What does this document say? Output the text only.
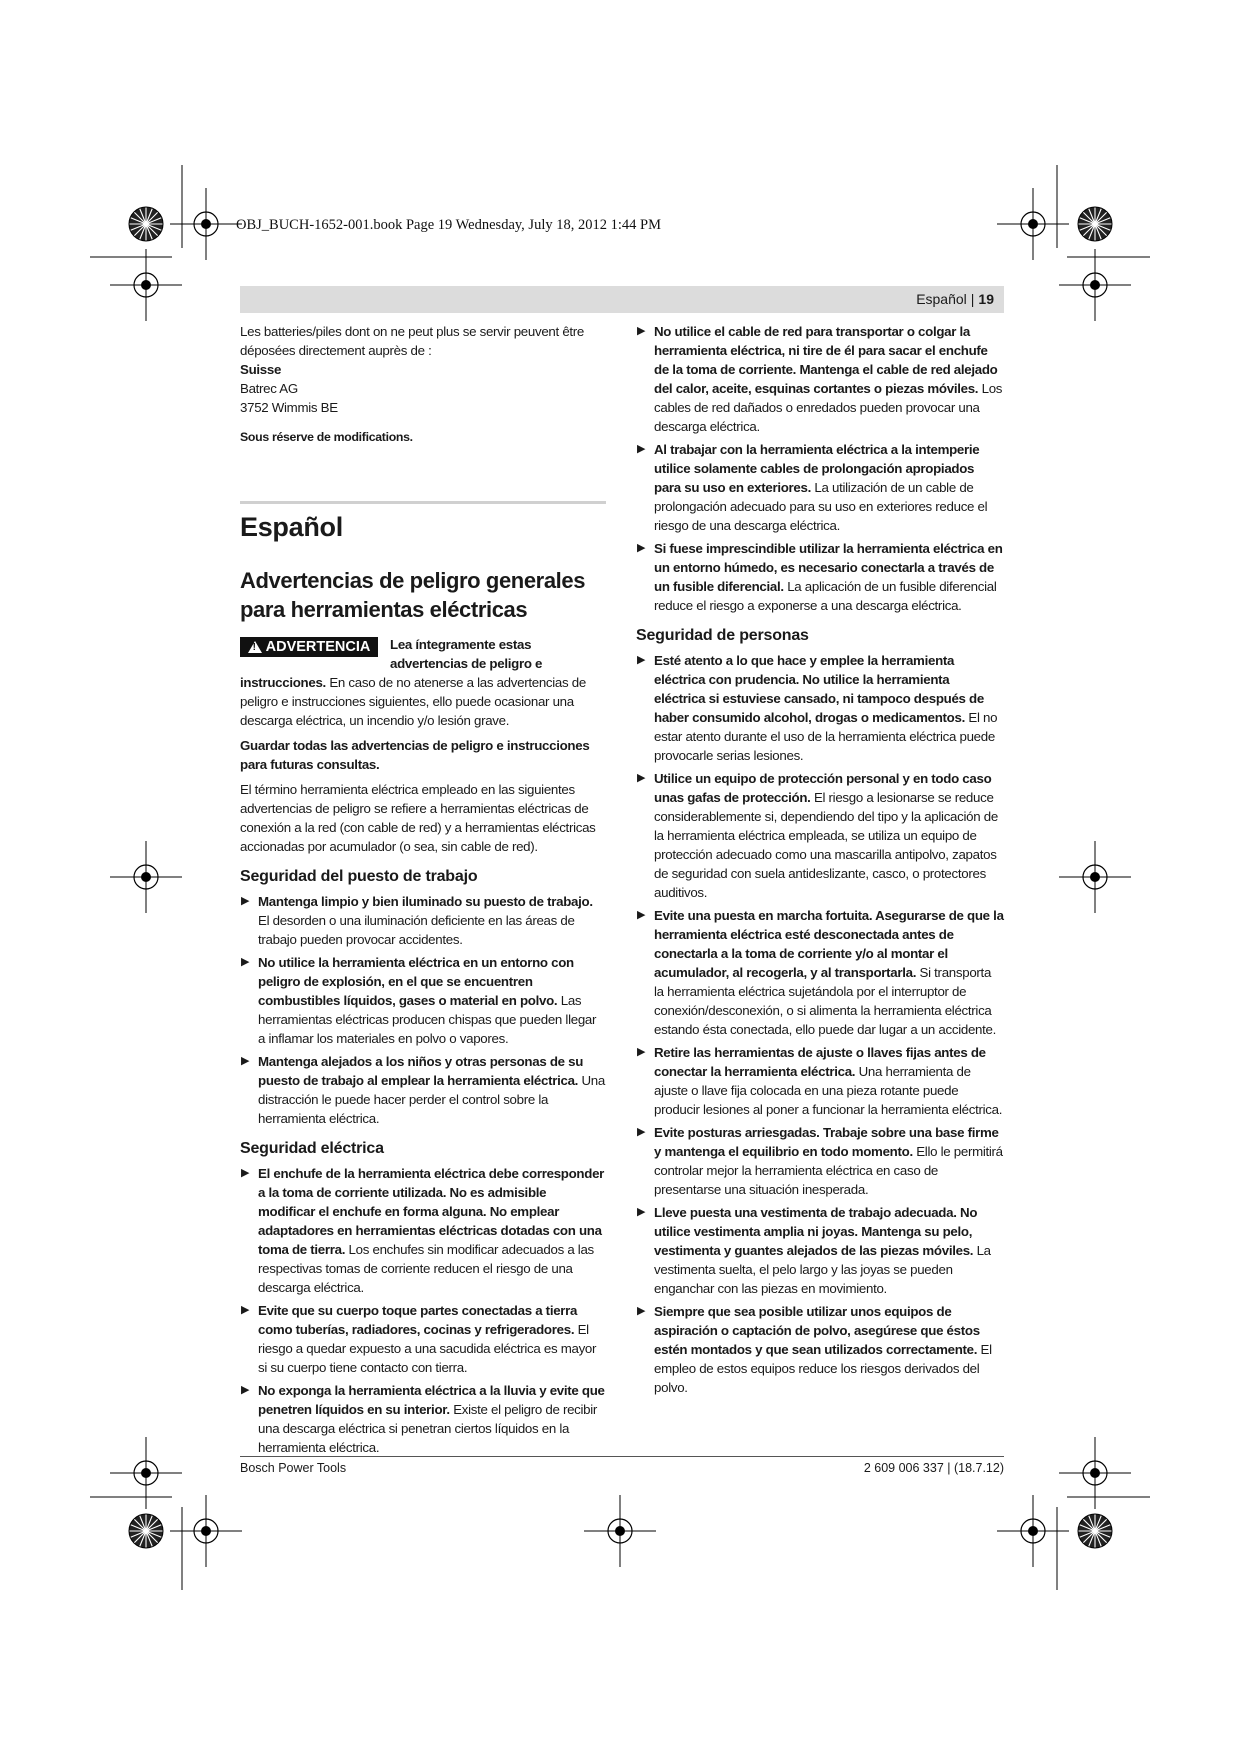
OBJ_BUCH-1652-001.book Page 19 Wednesday, July 18, 2012 1:44 PM
Español | 19

Les batteries/piles dont on ne peut plus se servir peuvent être déposées directement auprès de :

Suisse

Batrec AG

3752 Wimmis BE

Sous réserve de modifications.

Español
Advertencias de peligro generales
para herramientas eléctricas
! ADVERTENCIA Lea íntegramente estas advertencias de peligro e instrucciones. En caso de no atenerse a las advertencias de peligro e instrucciones siguientes, ello puede ocasionar una descarga eléctrica, un incendio y/o lesión grave.

Guardar todas las advertencias de peligro e instrucciones para futuras consultas.

El término herramienta eléctrica empleado en las siguientes advertencias de peligro se refiere a herramientas eléctricas de conexión a la red (con cable de red) y a herramientas eléctricas accionadas por acumulador (o sea, sin cable de red).

Seguridad del puesto de trabajo
▶ Mantenga limpio y bien iluminado su puesto de trabajo. El desorden o una iluminación deficiente en las áreas de trabajo pueden provocar accidentes.
▶ No utilice la herramienta eléctrica en un entorno con peligro de explosión, en el que se encuentren combustibles líquidos, gases o material en polvo. Las herramientas eléctricas producen chispas que pueden llegar a inflamar los materiales en polvo o vapores.
▶ Mantenga alejados a los niños y otras personas de su puesto de trabajo al emplear la herramienta eléctrica. Una distracción le puede hacer perder el control sobre la herramienta eléctrica.
Seguridad eléctrica
▶ El enchufe de la herramienta eléctrica debe corresponder a la toma de corriente utilizada. No es admisible modificar el enchufe en forma alguna. No emplear adaptadores en herramientas eléctricas dotadas con una toma de tierra. Los enchufes sin modificar adecuados a las respectivas tomas de corriente reducen el riesgo de una descarga eléctrica.
▶ Evite que su cuerpo toque partes conectadas a tierra como tuberías, radiadores, cocinas y refrigeradores. El riesgo a quedar expuesto a una sacudida eléctrica es mayor si su cuerpo tiene contacto con tierra.
▶ No exponga la herramienta eléctrica a la lluvia y evite que penetren líquidos en su interior. Existe el peligro de recibir una descarga eléctrica si penetran ciertos líquidos en la herramienta eléctrica.
▶ No utilice el cable de red para transportar o colgar la herramienta eléctrica, ni tire de él para sacar el enchufe de la toma de corriente. Mantenga el cable de red alejado del calor, aceite, esquinas cortantes o piezas móviles. Los cables de red dañados o enredados pueden provocar una descarga eléctrica.
▶ Al trabajar con la herramienta eléctrica a la intemperie utilice solamente cables de prolongación apropiados para su uso en exteriores. La utilización de un cable de prolongación adecuado para su uso en exteriores reduce el riesgo de una descarga eléctrica.
▶ Si fuese imprescindible utilizar la herramienta eléctrica en un entorno húmedo, es necesario conectarla a través de un fusible diferencial. La aplicación de un fusible diferencial reduce el riesgo a exponerse a una descarga eléctrica.
Seguridad de personas
▶ Esté atento a lo que hace y emplee la herramienta eléctrica con prudencia. No utilice la herramienta eléctrica si estuviese cansado, ni tampoco después de haber consumido alcohol, drogas o medicamentos. El no estar atento durante el uso de la herramienta eléctrica puede provocarle serias lesiones.
▶ Utilice un equipo de protección personal y en todo caso unas gafas de protección. El riesgo a lesionarse se reduce considerablemente si, dependiendo del tipo y la aplicación de la herramienta eléctrica empleada, se utiliza un equipo de protección adecuado como una mascarilla antipolvo, zapatos de seguridad con suela antideslizante, casco, o protectores auditivos.
▶ Evite una puesta en marcha fortuita. Asegurarse de que la herramienta eléctrica esté desconectada antes de conectarla a la toma de corriente y/o al montar el acumulador, al recogerla, y al transportarla. Si transporta la herramienta eléctrica sujetándola por el interruptor de conexión/desconexión, o si alimenta la herramienta eléctrica estando ésta conectada, ello puede dar lugar a un accidente.
▶ Retire las herramientas de ajuste o llaves fijas antes de conectar la herramienta eléctrica. Una herramienta de ajuste o llave fija colocada en una pieza rotante puede producir lesiones al poner a funcionar la herramienta eléctrica.
▶ Evite posturas arriesgadas. Trabaje sobre una base firme y mantenga el equilibrio en todo momento. Ello le permitirá controlar mejor la herramienta eléctrica en caso de presentarse una situación inesperada.
▶ Lleve puesta una vestimenta de trabajo adecuada. No utilice vestimenta amplia ni joyas. Mantenga su pelo, vestimenta y guantes alejados de las piezas móviles. La vestimenta suelta, el pelo largo y las joyas se pueden enganchar con las piezas en movimiento.
▶ Siempre que sea posible utilizar unos equipos de aspiración o captación de polvo, asegúrese que éstos estén montados y que sean utilizados correctamente. El empleo de estos equipos reduce los riesgos derivados del polvo.
Bosch Power Tools	2 609 006 337 | (18.7.12)
